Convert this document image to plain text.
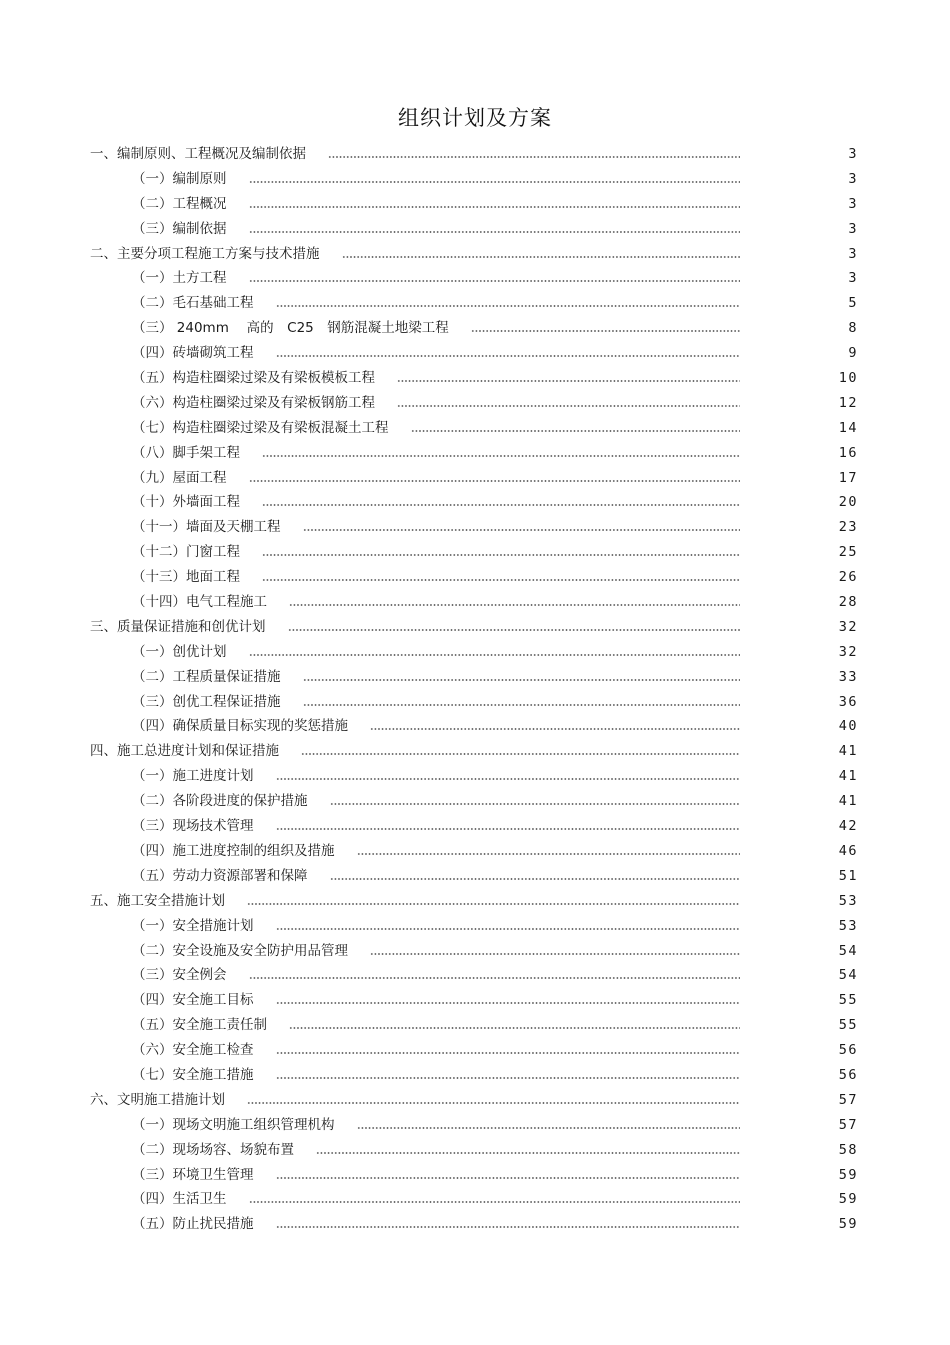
组织计划及方案
一、编制原则、工程概况及编制依据	3
（一）编制原则	3
（二）工程概况	3
（三）编制依据	3
二、主要分项工程施工方案与技术措施	3
（一）土方工程	3
（二）毛石基础工程	5
（三） 240mm 　高的　C25　钢筋混凝土地梁工程	8
（四）砖墙砌筑工程	9
（五）构造柱圈梁过梁及有梁板模板工程	10
（六）构造柱圈梁过梁及有梁板钢筋工程	12
（七）构造柱圈梁过梁及有梁板混凝土工程	14
（八）脚手架工程	16
（九）屋面工程	17
（十）外墙面工程	20
（十一）墙面及天棚工程	23
（十二）门窗工程	25
（十三）地面工程	26
（十四）电气工程施工	28
三、质量保证措施和创优计划	32
（一）创优计划	32
（二）工程质量保证措施	33
（三）创优工程保证措施	36
（四）确保质量目标实现的奖惩措施	40
四、施工总进度计划和保证措施	41
（一）施工进度计划	41
（二）各阶段进度的保护措施	41
（三）现场技术管理	42
（四）施工进度控制的组织及措施	46
（五）劳动力资源部署和保障	51
五、施工安全措施计划	53
（一）安全措施计划	53
（二）安全设施及安全防护用品管理	54
（三）安全例会	54
（四）安全施工目标	55
（五）安全施工责任制	55
（六）安全施工检查	56
（七）安全施工措施	56
六、文明施工措施计划	57
（一）现场文明施工组织管理机构	57
（二）现场场容、场貌布置	58
（三）环境卫生管理	59
（四）生活卫生	59
（五）防止扰民措施	59
